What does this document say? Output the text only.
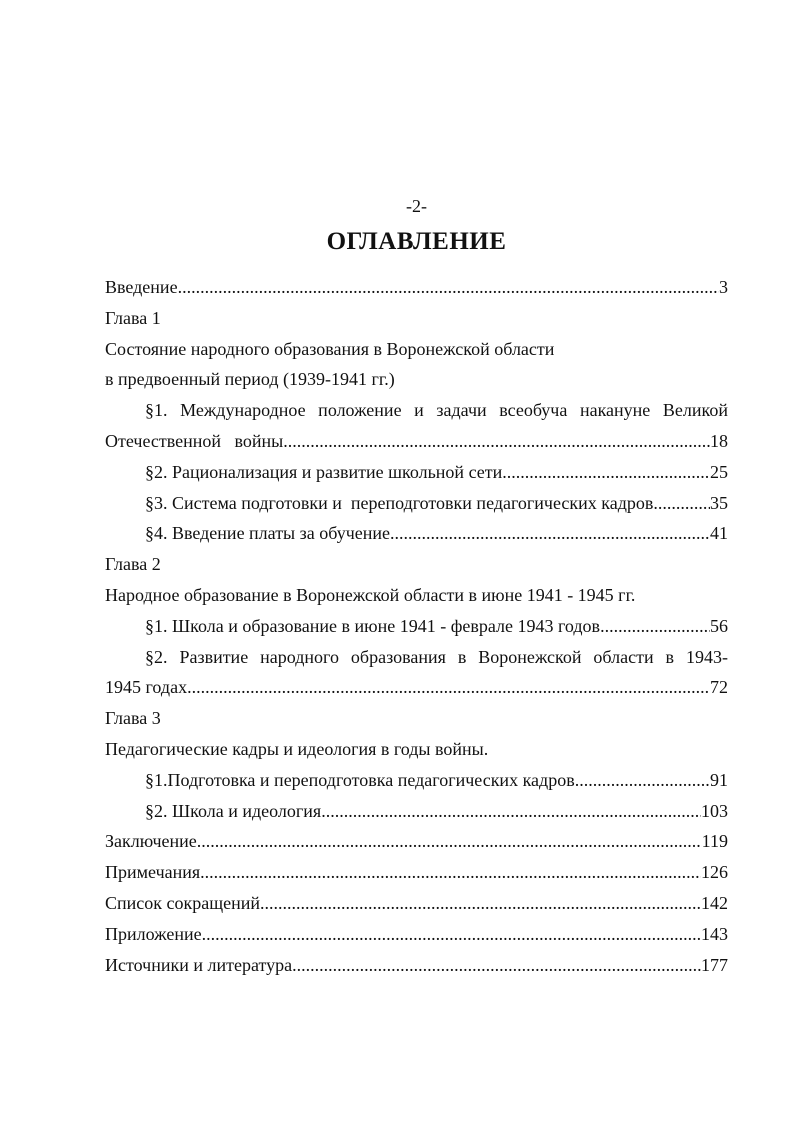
-2-
ОГЛАВЛЕНИЕ
Введение .....	3
Глава 1
Состояние народного образования в Воронежской области
в предвоенный период (1939-1941 гг.)
§1. Международное положение и задачи всеобуча накануне Великой
Отечественной   войны .....	18
§2. Рационализация и развитие школьной сети .....	25
§3. Система подготовки и  переподготовки педагогических кадров .....	35
§4. Введение платы за обучение .....	41
Глава 2
Народное образование в Воронежской области в июне 1941 - 1945 гг.
§1. Школа и образование в июне 1941 - феврале 1943 годов .....	56
§2. Развитие народного образования в Воронежской области в 1943-
1945 годах .....	72
Глава 3
Педагогические кадры и идеология в годы войны.
§1.Подготовка и переподготовка педагогических кадров .....	91
§2. Школа и идеология .....	103
Заключение .....	119
Примечания .....	126
Список сокращений .....	142
Приложение .....	143
Источники и литература .....	177
